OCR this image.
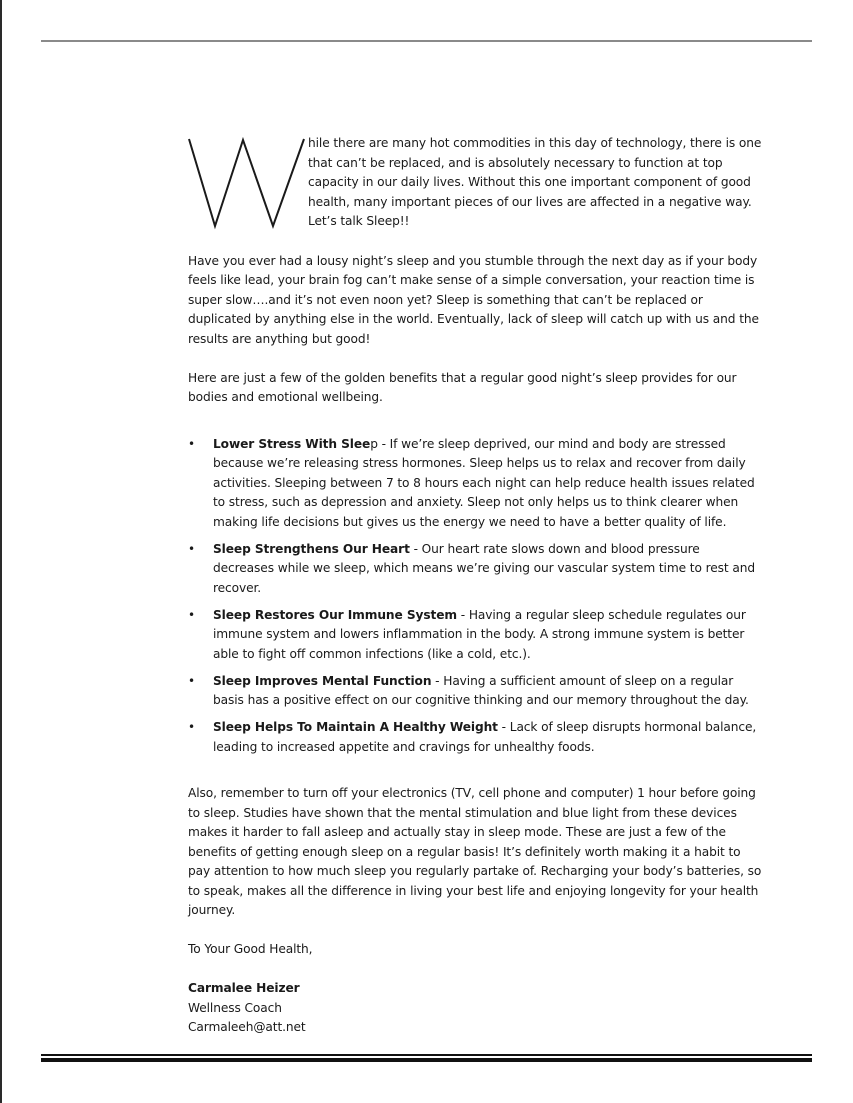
hile there are many hot commodities in this day of technology, there is one that can’t be replaced, and is absolutely necessary to function at top capacity in our daily lives. Without this one important component of good health, many important pieces of our lives are affected in a negative way. Let’s talk Sleep!!

Have you ever had a lousy night’s sleep and you stumble through the next day as if your body feels like lead, your brain fog can’t make sense of a simple conversation, your reaction time is super slow….and it’s not even noon yet? Sleep is something that can’t be replaced or duplicated by anything else in the world. Eventually, lack of sleep will catch up with us and the results are anything but good!

Here are just a few of the golden benefits that a regular good night’s sleep provides for our bodies and emotional wellbeing.

• Lower Stress With Sleep - If we’re sleep deprived, our mind and body are stressed because we’re releasing stress hormones. Sleep helps us to relax and recover from daily activities. Sleeping between 7 to 8 hours each night can help reduce health issues related to stress, such as depression and anxiety. Sleep not only helps us to think clearer when making life decisions but gives us the energy we need to have a better quality of life.
• Sleep Strengthens Our Heart - Our heart rate slows down and blood pressure decreases while we sleep, which means we’re giving our vascular system time to rest and recover.
• Sleep Restores Our Immune System - Having a regular sleep schedule regulates our immune system and lowers inflammation in the body. A strong immune system is better able to fight off common infections (like a cold, etc.).
• Sleep Improves Mental Function - Having a sufficient amount of sleep on a regular basis has a positive effect on our cognitive thinking and our memory throughout the day.
• Sleep Helps To Maintain A Healthy Weight - Lack of sleep disrupts hormonal balance, leading to increased appetite and cravings for unhealthy foods.

Also, remember to turn off your electronics (TV, cell phone and computer) 1 hour before going to sleep. Studies have shown that the mental stimulation and blue light from these devices makes it harder to fall asleep and actually stay in sleep mode. These are just a few of the benefits of getting enough sleep on a regular basis! It’s definitely worth making it a habit to pay attention to how much sleep you regularly partake of. Recharging your body’s batteries, so to speak, makes all the difference in living your best life and enjoying longevity for your health journey.

To Your Good Health,

Carmalee Heizer
Wellness Coach
Carmaleeh@att.net
